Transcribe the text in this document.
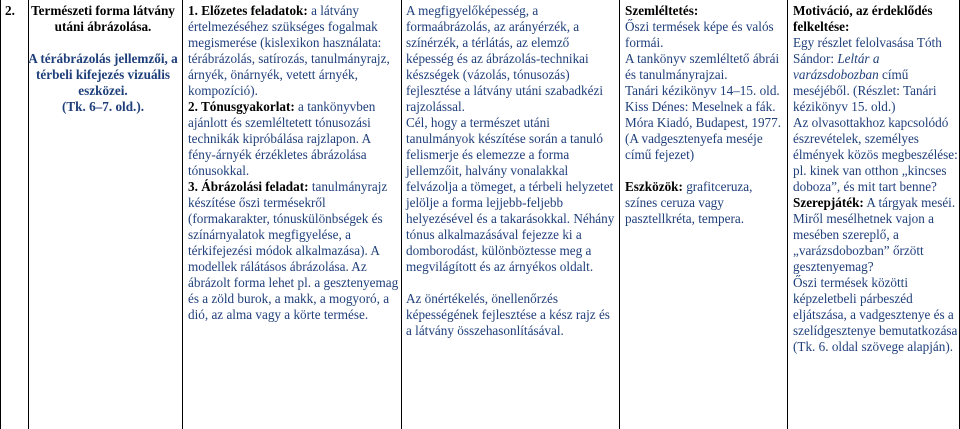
2.	Természeti forma látvány utáni ábrázolása.

A térábrázolás jellemzői, a térbeli kifejezés vizuális eszközei.

(Tk. 6–7. old.).

1. Előzetes feladatok: a látvány értelmezéséhez szükséges fogalmak megismerése (kislexikon használata: térábrázolás, satírozás, tanulmányrajz, árnyék, önárnyék, vetett árnyék, kompozíció).

2. Tónusgyakorlat: a tankönyvben ajánlott és szemléltetett tónusozási technikák kipróbálása rajzlapon. A fény-árnyék érzékletes ábrázolása tónusokkal.

3. Ábrázolási feladat: tanulmányrajz készítése őszi termésekről (formakarakter, tónuskülönbségek és színárnyalatok megfigyelése, a térkifejezési módok alkalmazása). A modellek rálátásos ábrázolása. Az ábrázolt forma lehet pl. a gesztenyemag és a zöld burok, a makk, a mogyoró, a dió, az alma vagy a körte termése.

A megfigyelőképesség, a formaábrázolás, az arányérzék, a színérzék, a térlátás, az elemző képesség és az ábrázolás-technikai készségek (vázolás, tónusozás) fejlesztése a látvány utáni szabadkézi rajzolással.

Cél, hogy a természet utáni tanulmányok készítése során a tanuló felismerje és elemezze a forma jellemzőit, halvány vonalakkal felvázolja a tömeget, a térbeli helyzetet jelölje a forma lejjebb-feljebb helyezésével és a takarásokkal. Néhány tónus alkalmazásával fejezze ki a domborodást, különböztesse meg a megvilágított és az árnyékos oldalt.

Az önértékelés, önellenőrzés képességének fejlesztése a kész rajz és a látvány összehasonlításával.

Szemléltetés:

Őszi termések képe és valós formái.

A tankönyv szemléltető ábrái és tanulmányrajzai.

Tanári kézikönyv 14–15. old.

Kiss Dénes: Meselnek a fák. Móra Kiadó, Budapest, 1977.

(A vadgesztenyefa meséje című fejezet)

Eszközök: grafitceruza, színes ceruza vagy pasztellkréta, tempera.

Motiváció, az érdeklődés felkeltése:

Egy részlet felolvasása Tóth Sándor: Leltár a varázsdobozban című meséjéből. (Részlet: Tanári kézikönyv 15. old.)

Az olvasottakhoz kapcsolódó észrevételek, személyes élmények közös megbeszélése: pl. kinek van otthon „kincses doboza”, és mit tart benne?

Szerepjáték: A tárgyak meséi. Miről mesélhetnek vajon a mesében szereplő, a „varázsdobozban” őrzött gesztenyemag?

Őszi termések közötti képzeletbeli párbeszéd eljátszása, a vadgesztenye és a szelídgesztenye bemutatkozása (Tk. 6. oldal szövege alapján).
